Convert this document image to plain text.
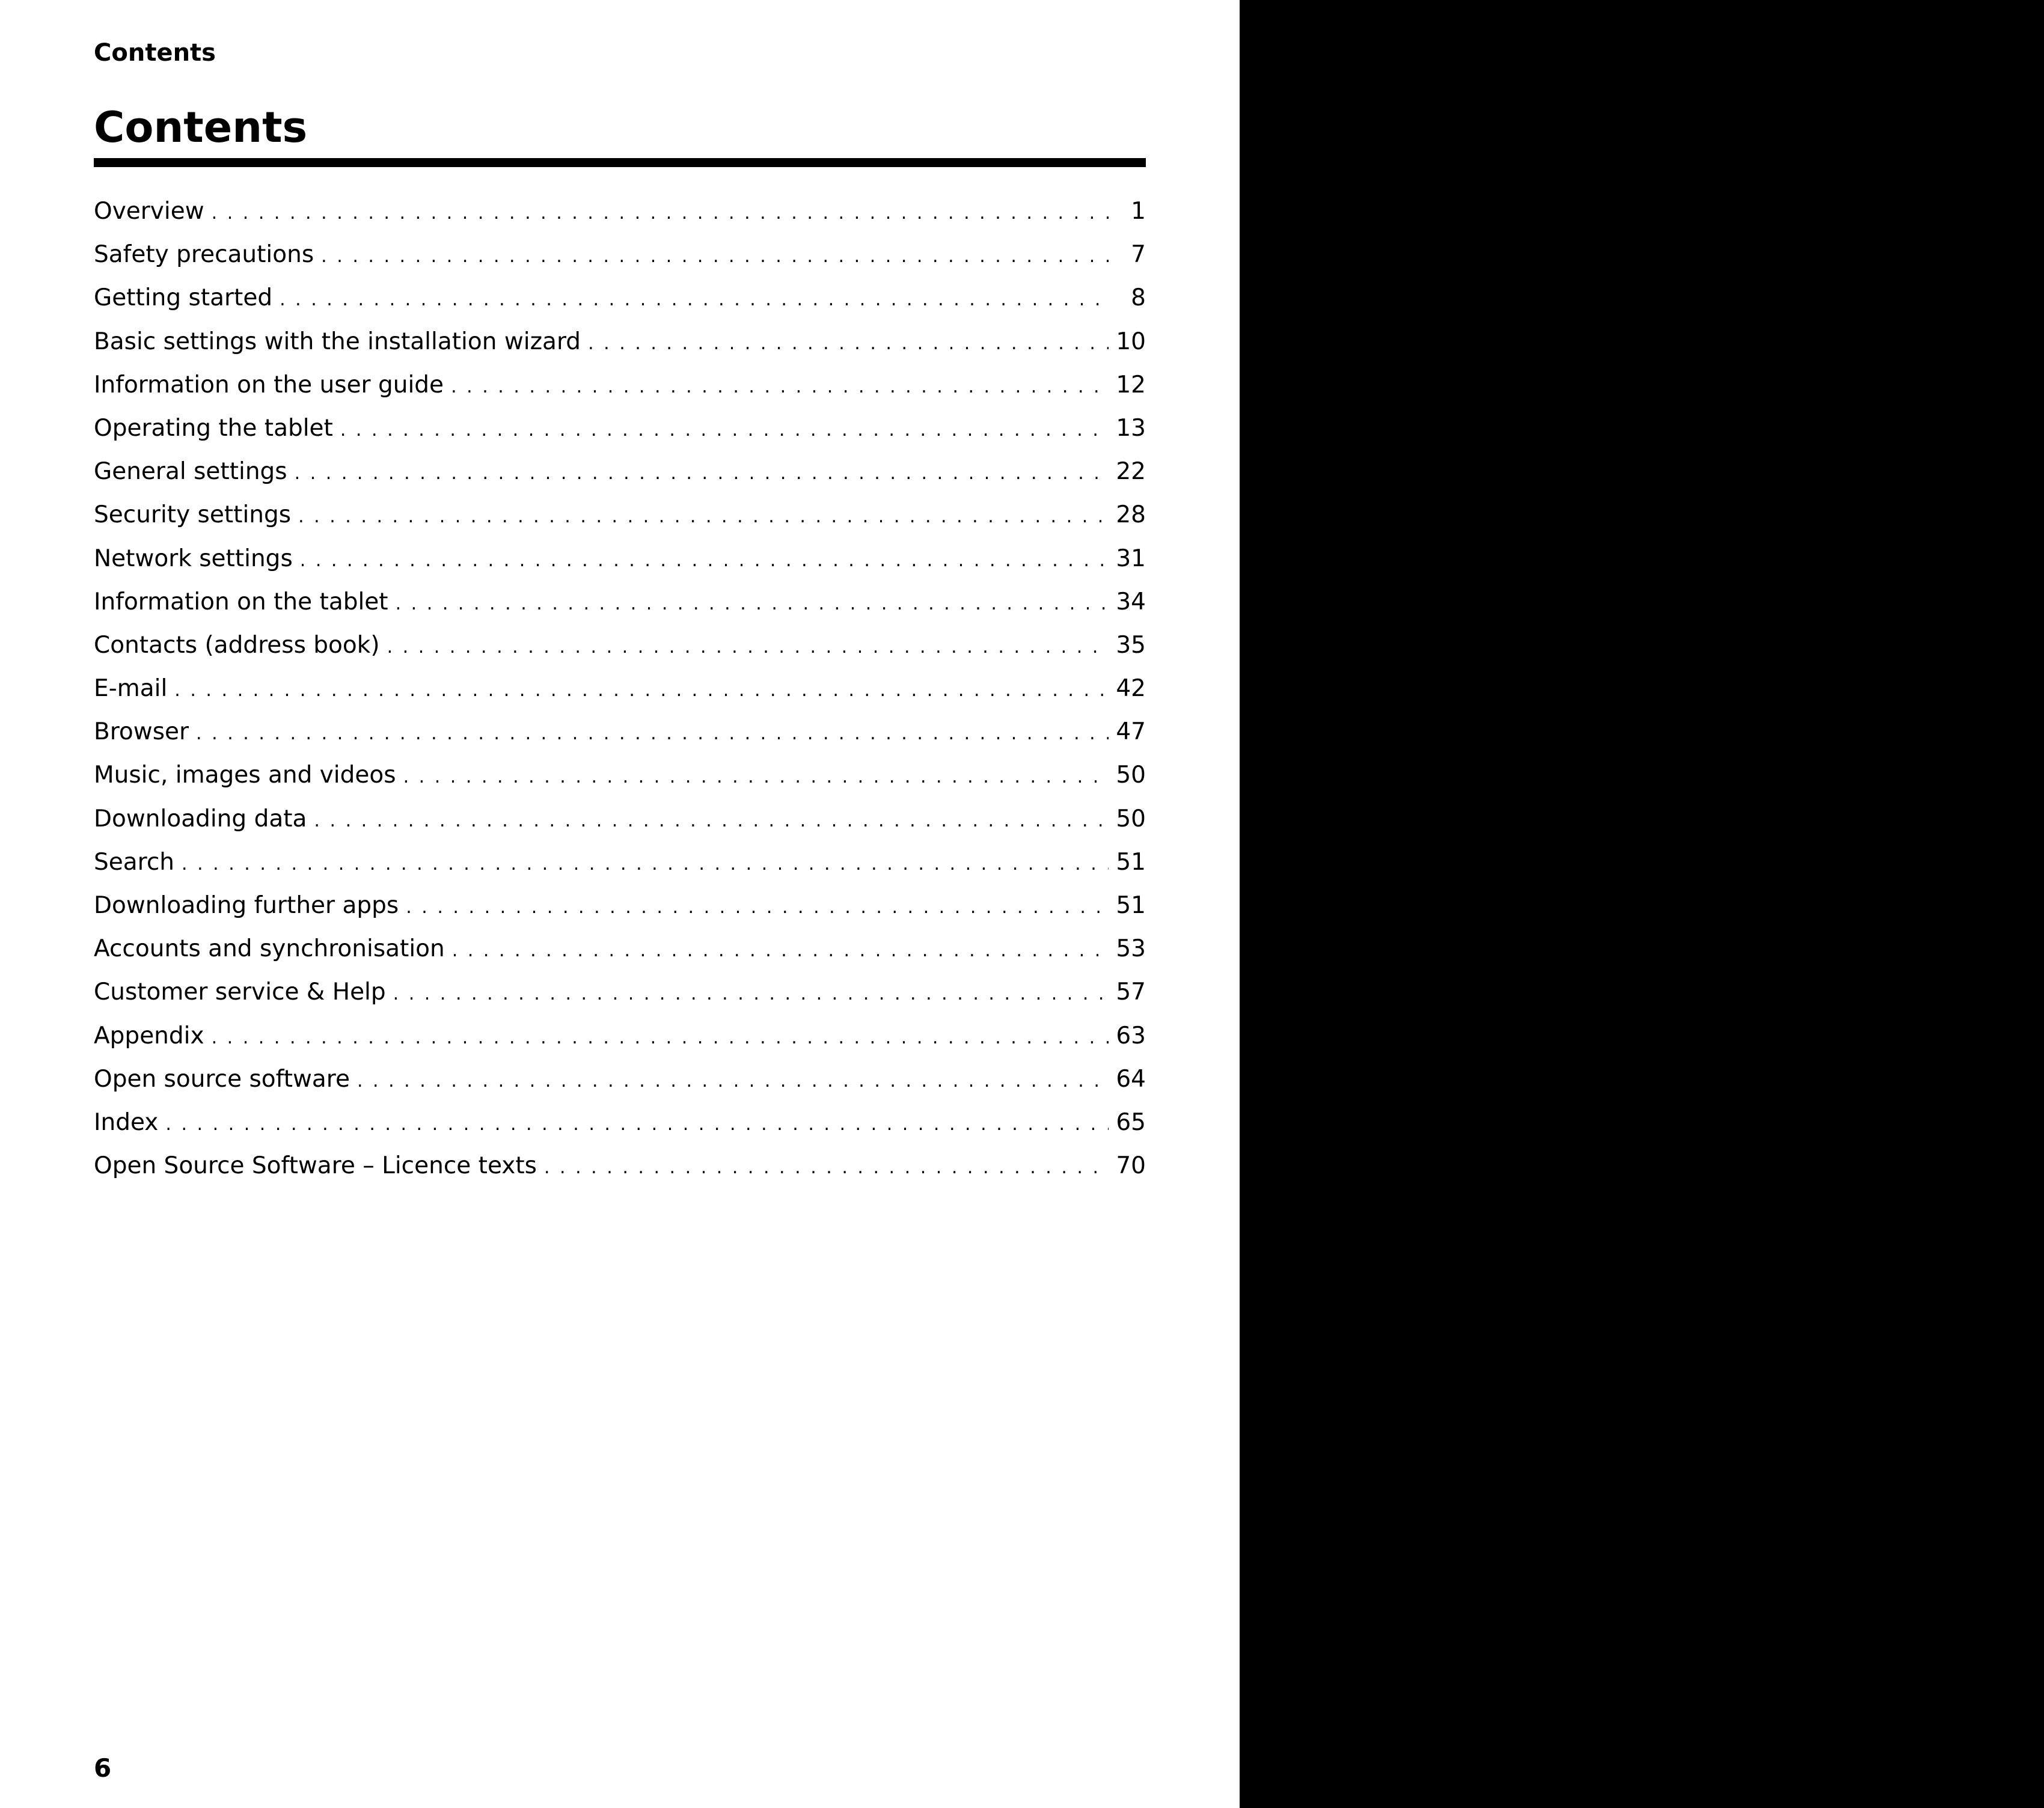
Contents
Contents
Overview . . .	1
Safety precautions . . .	7
Getting started . . .	8
Basic settings with the installation wizard . . .	10
Information on the user guide . . .	12
Operating the tablet . . .	13
General settings . . .	22
Security settings . . .	28
Network settings . . .	31
Information on the tablet . . .	34
Contacts (address book) . . .	35
E-mail . . .	42
Browser . . .	47
Music, images and videos . . .	50
Downloading data . . .	50
Search . . .	51
Downloading further apps . . .	51
Accounts and synchronisation . . .	53
Customer service & Help . . .	57
Appendix . . .	63
Open source software . . .	64
Index . . .	65
Open Source Software – Licence texts . . .	70
6
